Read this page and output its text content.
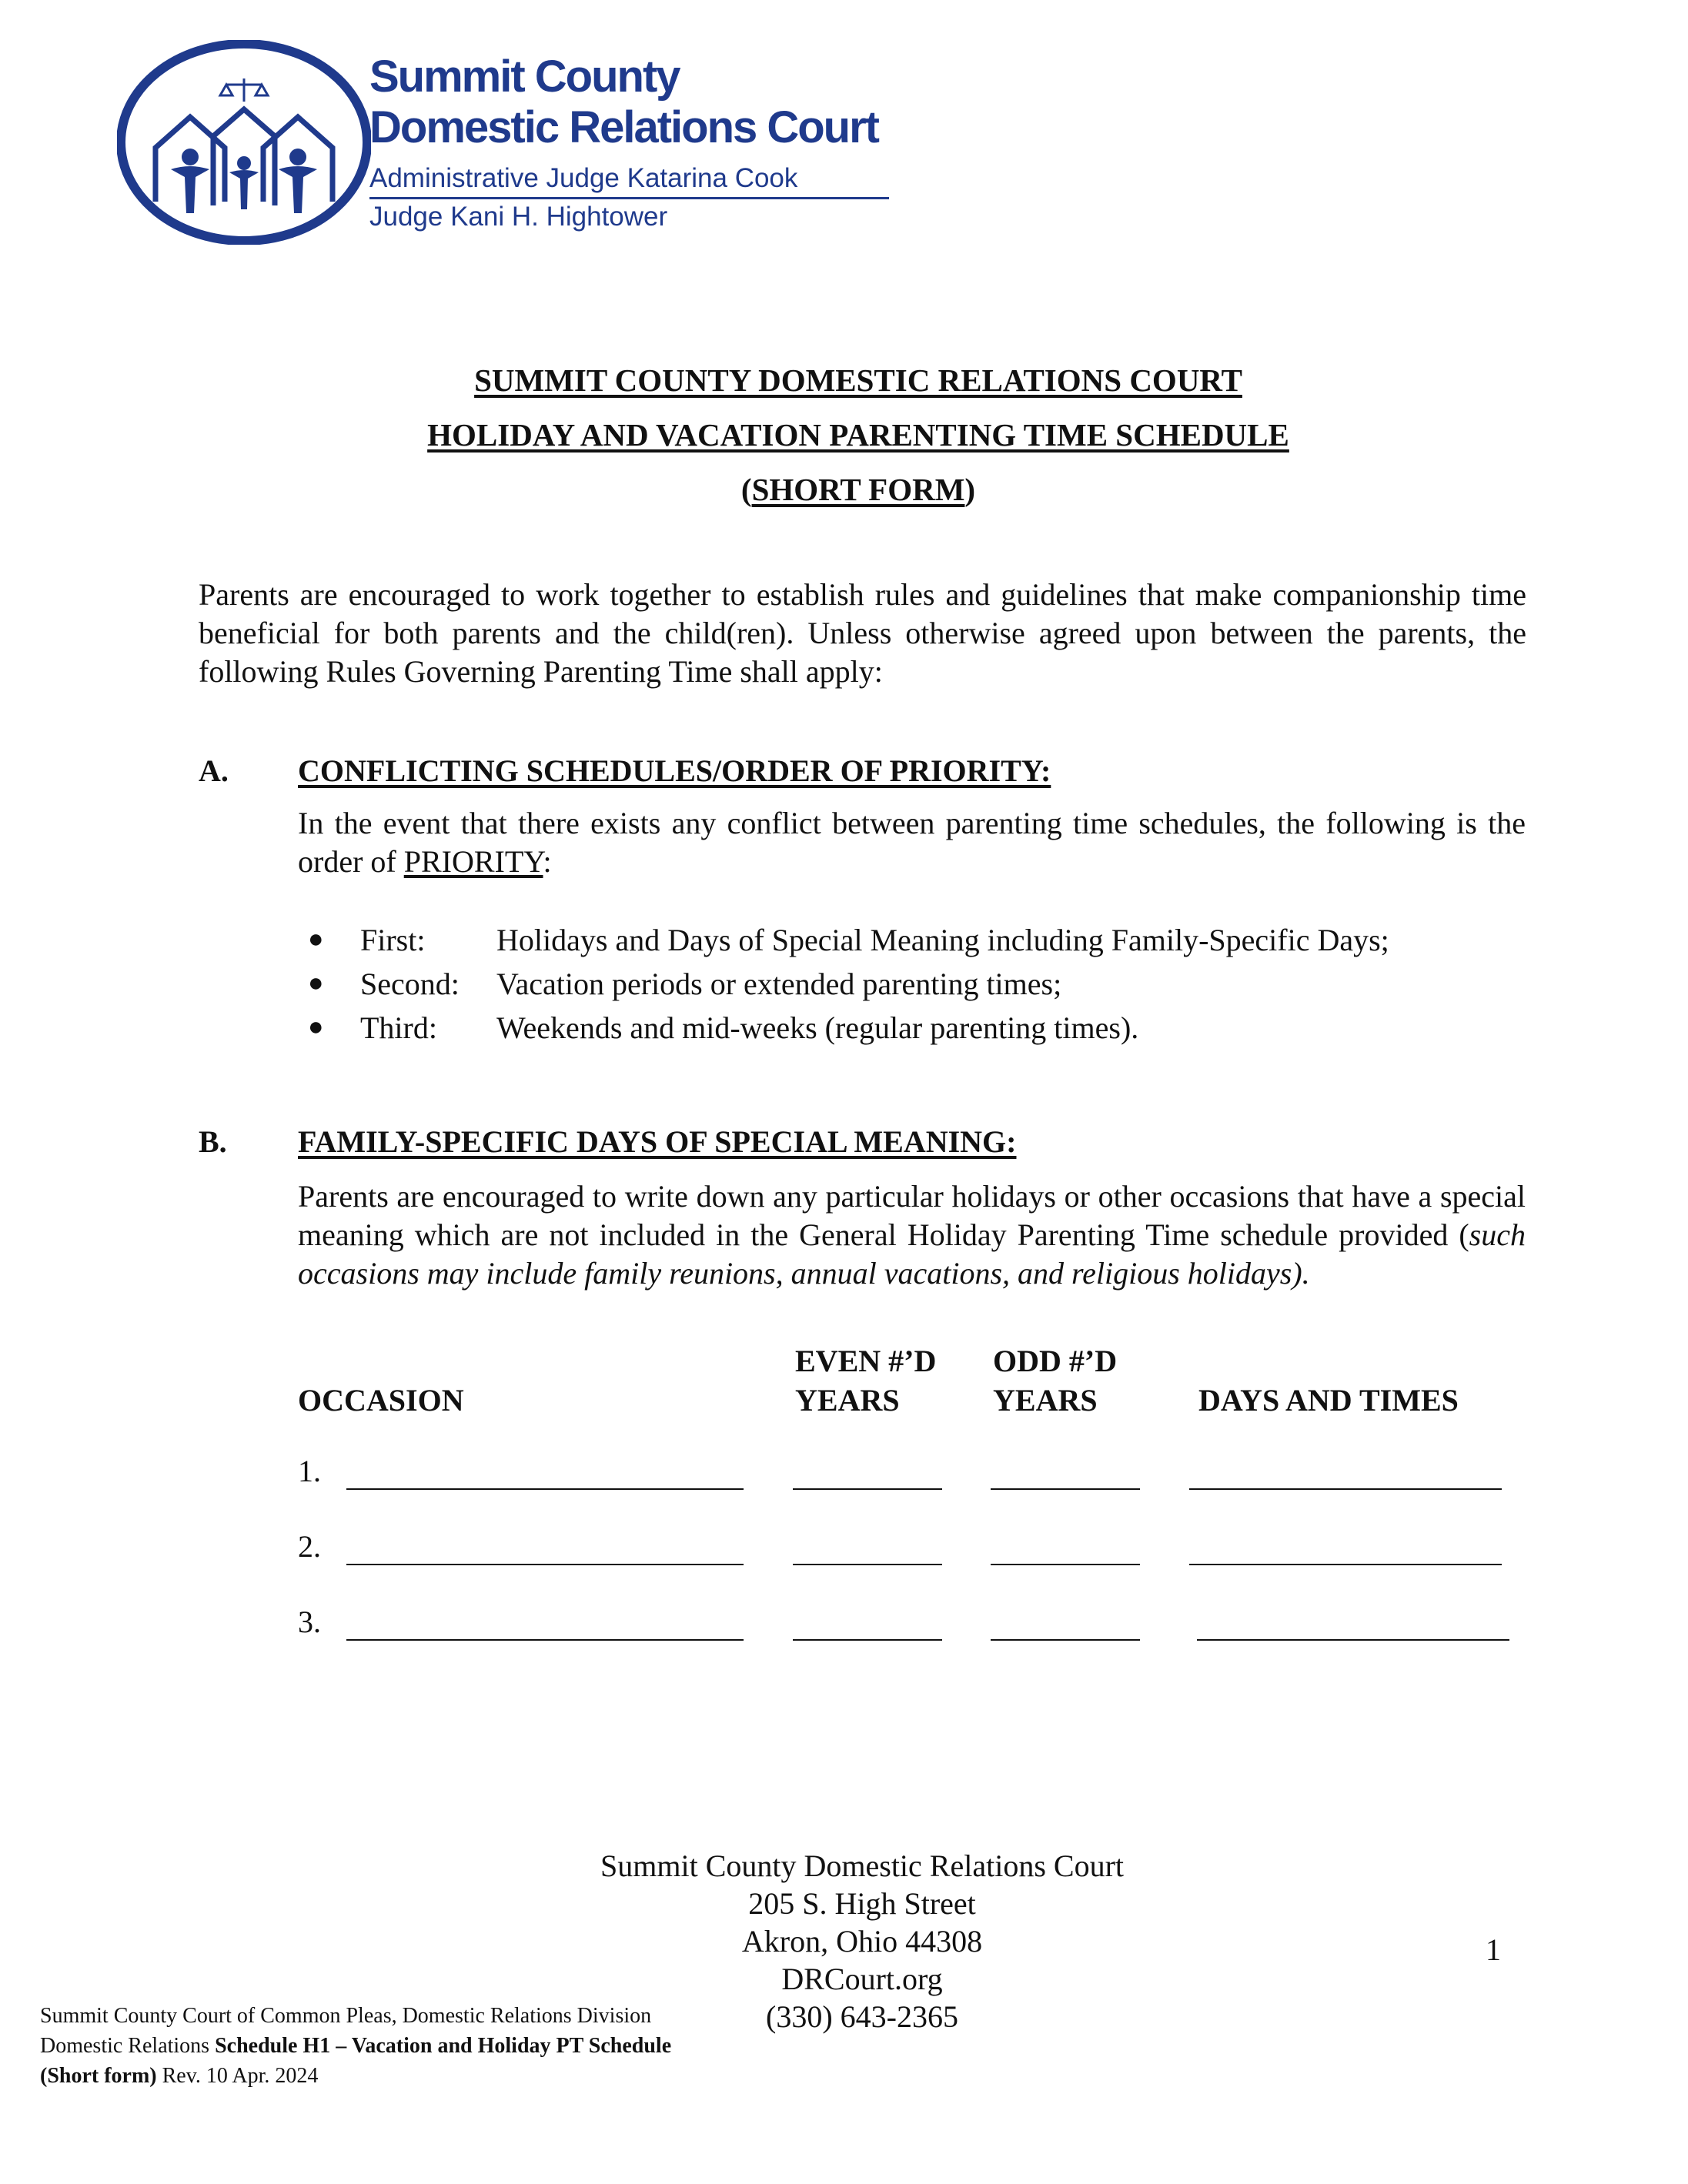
Summit County
Domestic Relations Court
Administrative Judge Katarina Cook
Judge Kani H. Hightower
SUMMIT COUNTY DOMESTIC RELATIONS COURT
HOLIDAY AND VACATION PARENTING TIME SCHEDULE
(SHORT FORM)
Parents are encouraged to work together to establish rules and guidelines that make companionship time beneficial for both parents and the child(ren). Unless otherwise agreed upon between the parents, the following Rules Governing Parenting Time shall apply:
A. CONFLICTING SCHEDULES/ORDER OF PRIORITY:
In the event that there exists any conflict between parenting time schedules, the following is the order of PRIORITY:
● First: Holidays and Days of Special Meaning including Family-Specific Days;
● Second: Vacation periods or extended parenting times;
● Third: Weekends and mid-weeks (regular parenting times).
B. FAMILY-SPECIFIC DAYS OF SPECIAL MEANING:
Parents are encouraged to write down any particular holidays or other occasions that have a special meaning which are not included in the General Holiday Parenting Time schedule provided (such occasions may include family reunions, annual vacations, and religious holidays).
EVEN #’D
YEARS
ODD #’D
YEARS
OCCASION	DAYS AND TIMES
1.
2.
3.
Summit County Domestic Relations Court
205 S. High Street
Akron, Ohio 44308
DRCourt.org
(330) 643-2365
1
Summit County Court of Common Pleas, Domestic Relations Division Domestic Relations Schedule H1 – Vacation and Holiday PT Schedule (Short form) Rev. 10 Apr. 2024
